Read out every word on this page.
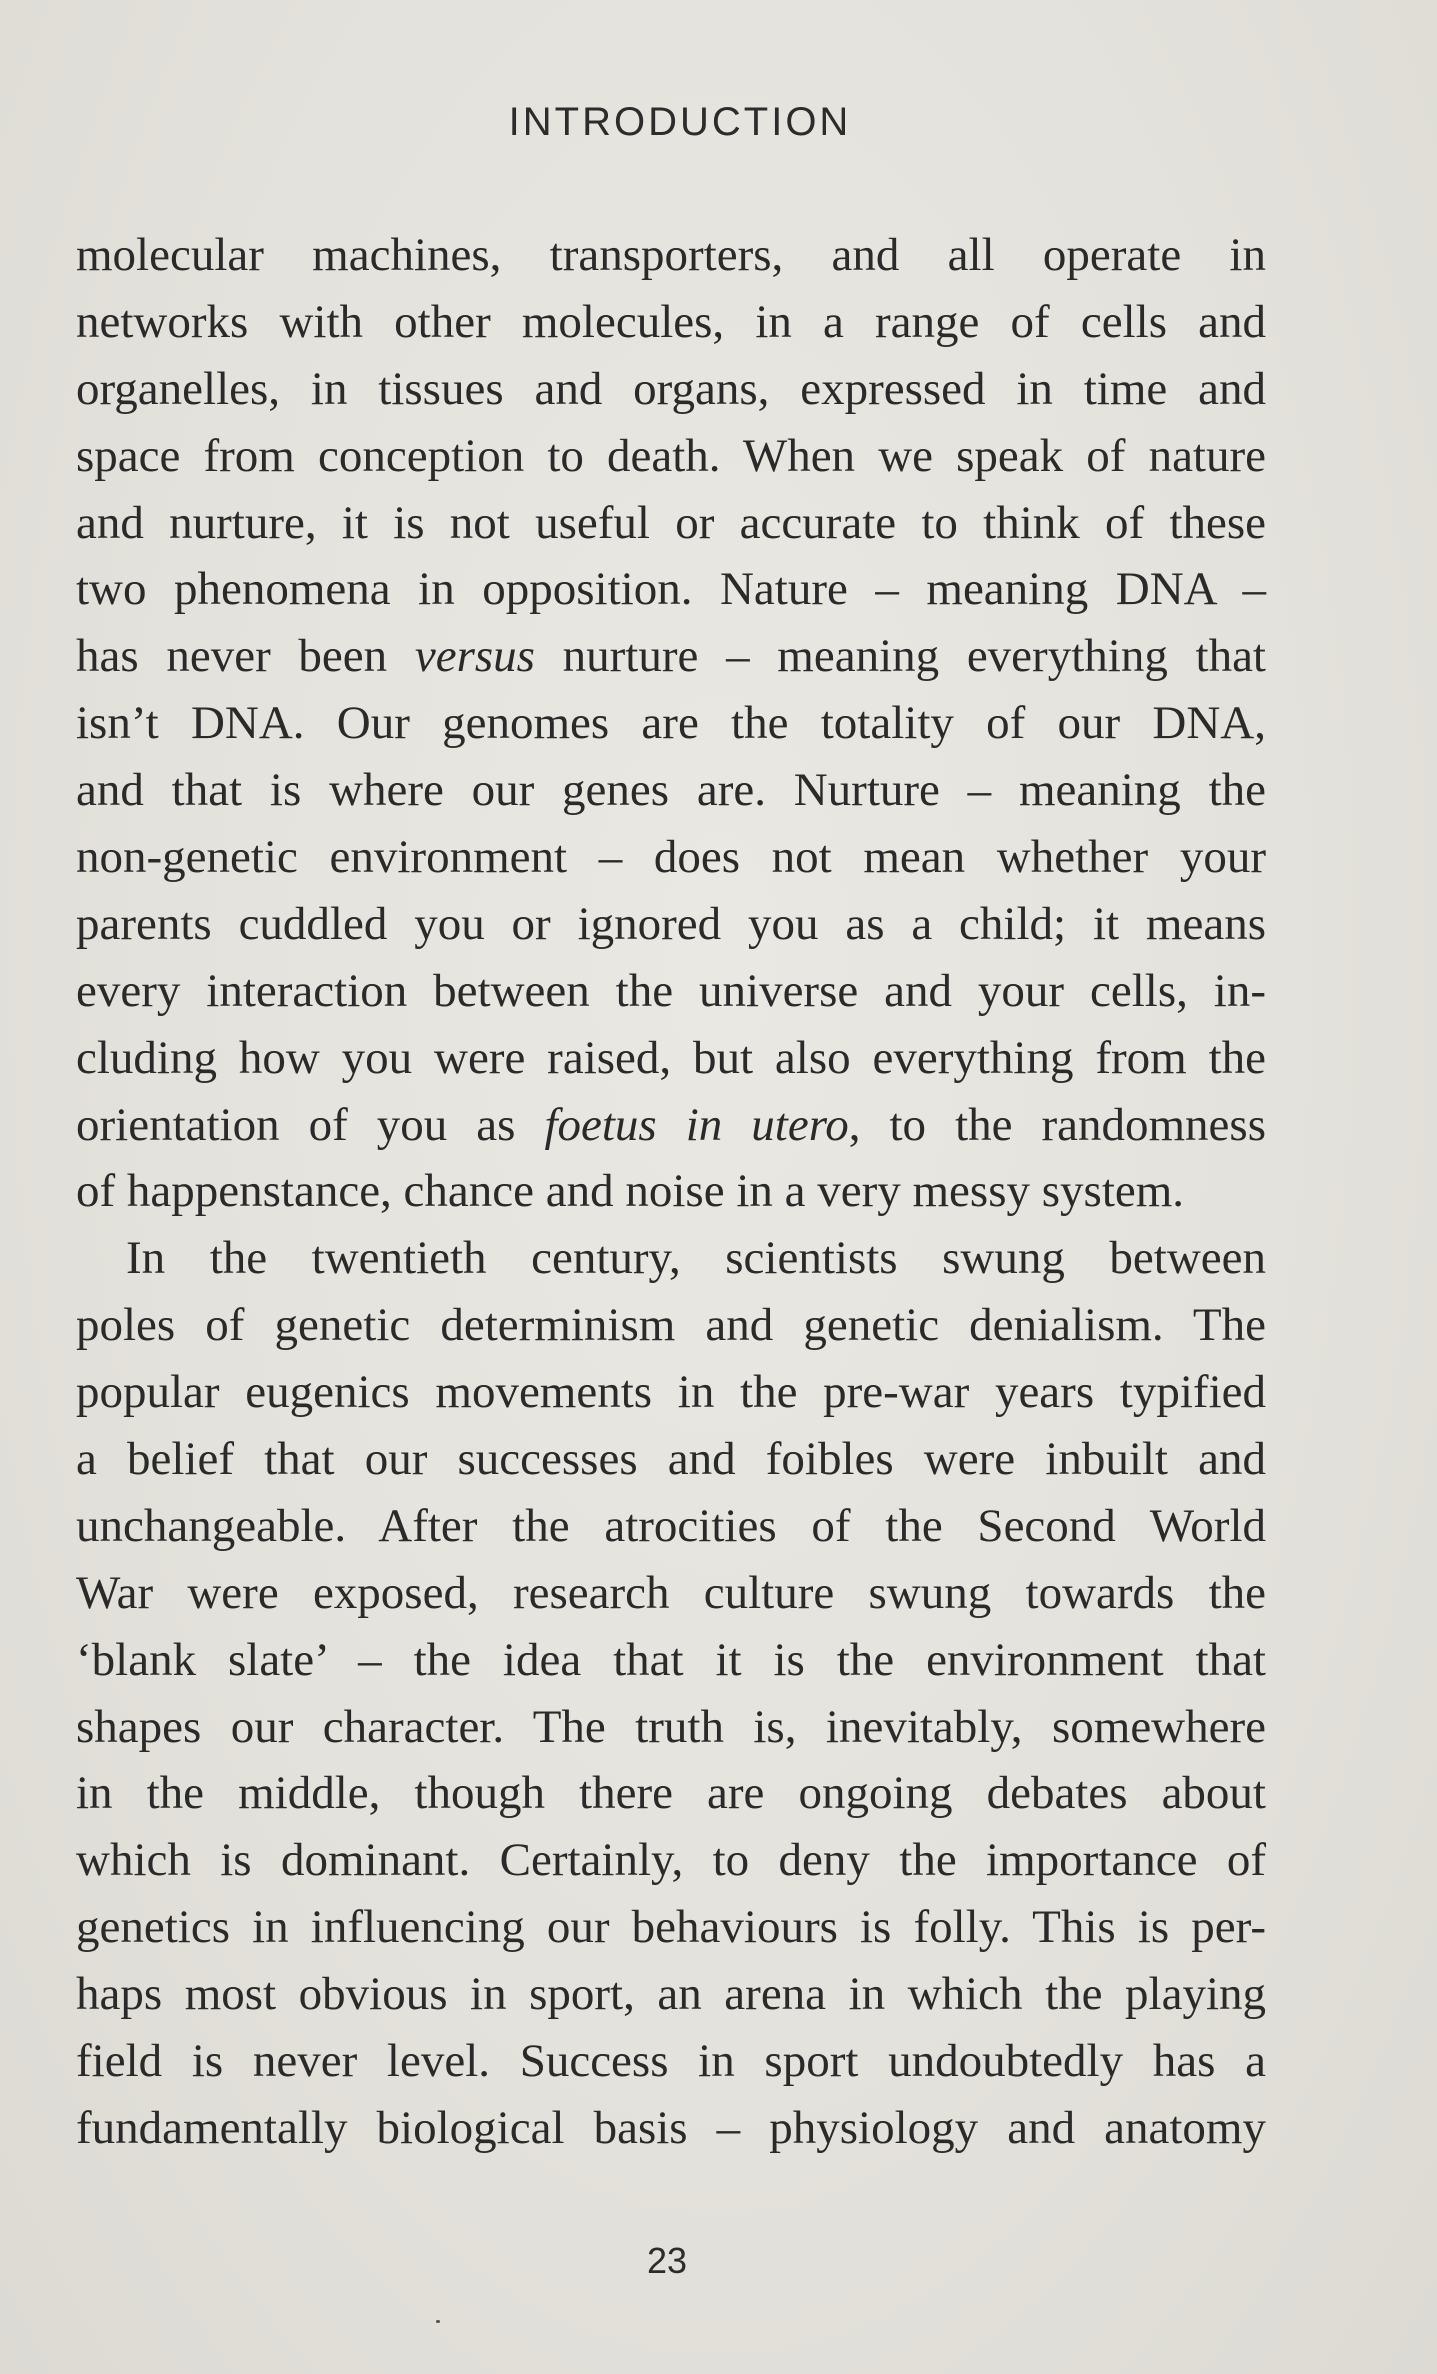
INTRODUCTION
molecular machines, transporters, and all operate in
networks with other molecules, in a range of cells and
organelles, in tissues and organs, expressed in time and
space from conception to death. When we speak of nature
and nurture, it is not useful or accurate to think of these
two phenomena in opposition. Nature – meaning DNA –
has never been versus nurture – meaning everything that
isn’t DNA. Our genomes are the totality of our DNA,
and that is where our genes are. Nurture – meaning the
non-genetic environment – does not mean whether your
parents cuddled you or ignored you as a child; it means
every interaction between the universe and your cells, in-
cluding how you were raised, but also everything from the
orientation of you as foetus in utero, to the randomness
of happenstance, chance and noise in a very messy system.
In the twentieth century, scientists swung between
poles of genetic determinism and genetic denialism. The
popular eugenics movements in the pre-war years typified
a belief that our successes and foibles were inbuilt and
unchangeable. After the atrocities of the Second World
War were exposed, research culture swung towards the
‘blank slate’ – the idea that it is the environment that
shapes our character. The truth is, inevitably, somewhere
in the middle, though there are ongoing debates about
which is dominant. Certainly, to deny the importance of
genetics in influencing our behaviours is folly. This is per-
haps most obvious in sport, an arena in which the playing
field is never level. Success in sport undoubtedly has a
fundamentally biological basis – physiology and anatomy
23
